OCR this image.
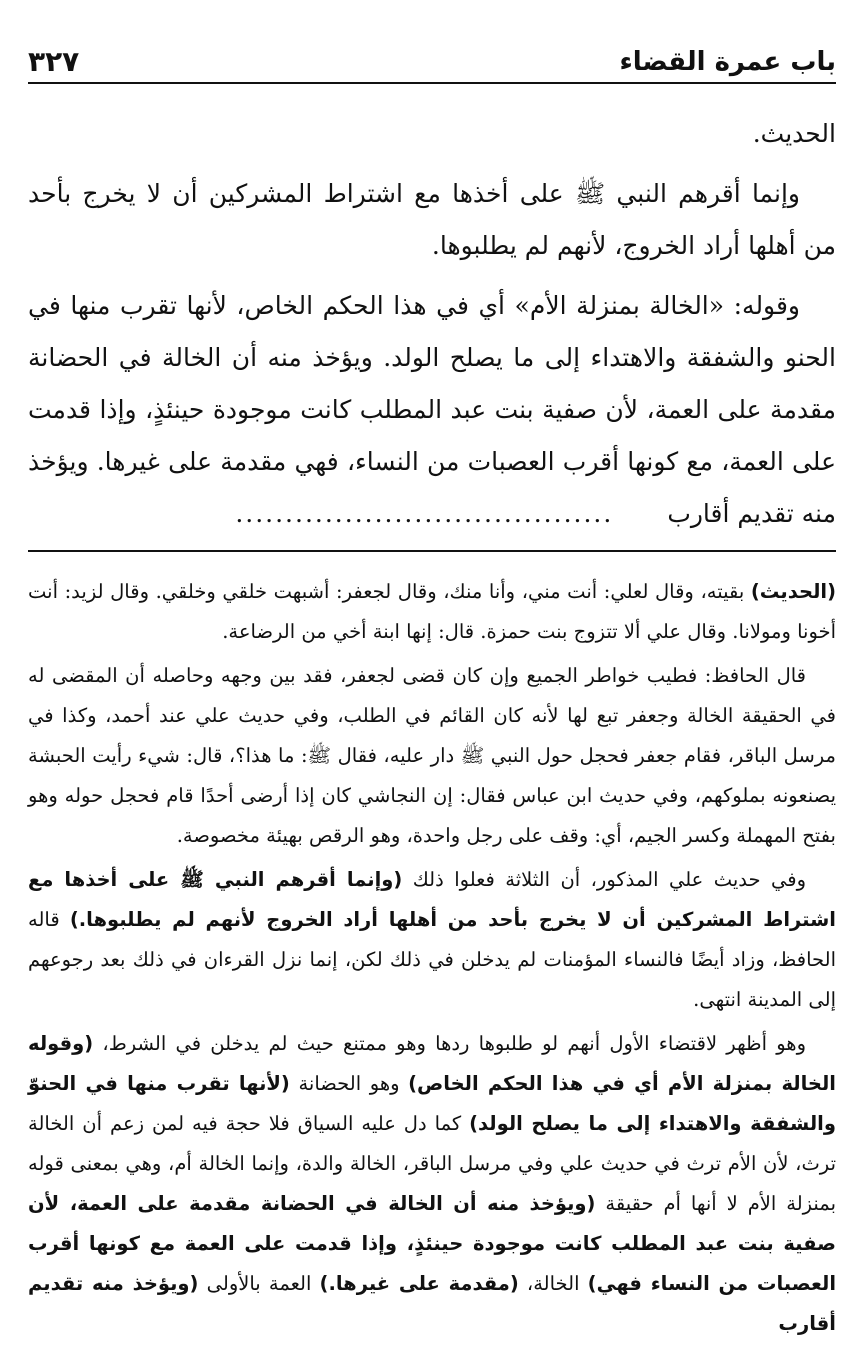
باب عمرة القضاء
٣٢٧

الحديث.

وإنما أقرهم النبي ﷺ على أخذها مع اشتراط المشركين أن لا يخرج بأحد من أهلها أراد الخروج، لأنهم لم يطلبوها.

وقوله: «الخالة بمنزلة الأم» أي في هذا الحكم الخاص، لأنها تقرب منها في الحنو والشفقة والاهتداء إلى ما يصلح الولد. ويؤخذ منه أن الخالة في الحضانة مقدمة على العمة، لأن صفية بنت عبد المطلب كانت موجودة حينئذٍ، وإذا قدمت على العمة، مع كونها أقرب العصبات من النساء، فهي مقدمة على غيرها. ويؤخذ منه تقديم أقارب......................................

(الحديث) بقيته، وقال لعلي: أنت مني، وأنا منك، وقال لجعفر: أشبهت خلقي وخلقي. وقال لزيد: أنت أخونا ومولانا. وقال علي ألا تتزوج بنت حمزة. قال: إنها ابنة أخي من الرضاعة.

قال الحافظ: فطيب خواطر الجميع وإن كان قضى لجعفر، فقد بين وجهه وحاصله أن المقضى له في الحقيقة الخالة وجعفر تبع لها لأنه كان القائم في الطلب، وفي حديث علي عند أحمد، وكذا في مرسل الباقر، فقام جعفر فحجل حول النبي ﷺ دار عليه، فقال ﷺ: ما هذا؟، قال: شيء رأيت الحبشة يصنعونه بملوكهم، وفي حديث ابن عباس فقال: إن النجاشي كان إذا أرضى أحدًا قام فحجل حوله وهو بفتح المهملة وكسر الجيم، أي: وقف على رجل واحدة، وهو الرقص بهيئة مخصوصة.

وفي حديث علي المذكور، أن الثلاثة فعلوا ذلك (وإنما أقرهم النبي ﷺ على أخذها مع اشتراط المشركين أن لا يخرج بأحد من أهلها أراد الخروج لأنهم لم يطلبوها.) قاله الحافظ، وزاد أيضًا فالنساء المؤمنات لم يدخلن في ذلك لكن، إنما نزل القرءان في ذلك بعد رجوعهم إلى المدينة انتهى.

وهو أظهر لاقتضاء الأول أنهم لو طلبوها ردها وهو ممتنع حيث لم يدخلن في الشرط، (وقوله الخالة بمنزلة الأم أي في هذا الحكم الخاص) وهو الحضانة (لأنها تقرب منها في الحنوّ والشفقة والاهتداء إلى ما يصلح الولد) كما دل عليه السياق فلا حجة فيه لمن زعم أن الخالة ترث، لأن الأم ترث في حديث علي وفي مرسل الباقر، الخالة والدة، وإنما الخالة أم، وهي بمعنى قوله بمنزلة الأم لا أنها أم حقيقة (ويؤخذ منه أن الخالة في الحضانة مقدمة على العمة، لأن صفية بنت عبد المطلب كانت موجودة حينئذٍ، وإذا قدمت على العمة مع كونها أقرب العصبات من النساء فهي) الخالة، (مقدمة على غيرها.) العمة بالأولى (ويؤخذ منه تقديم أقارب
